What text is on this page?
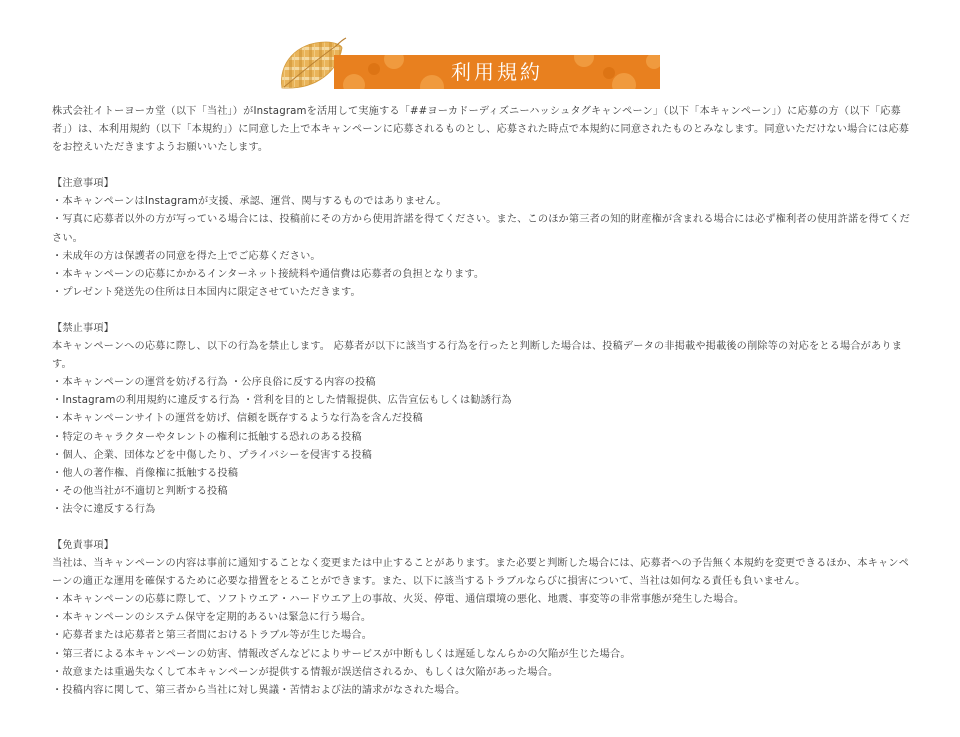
利用規約

株式会社イトーヨーカ堂（以下「当社」）がInstagramを活用して実施する「##ヨーカドーディズニーハッシュタグキャンペーン」（以下「本キャンペーン」）に応募の方（以下「応募者」）は、本利用規約（以下「本規約」）に同意した上で本キャンペーンに応募されるものとし、応募された時点で本規約に同意されたものとみなします。同意いただけない場合には応募をお控えいただきますようお願いいたします。

【注意事項】

・本キャンペーンはInstagramが支援、承認、運営、関与するものではありません。

・写真に応募者以外の方が写っている場合には、投稿前にその方から使用許諾を得てください。また、このほか第三者の知的財産権が含まれる場合には必ず権利者の使用許諾を得てください。

・未成年の方は保護者の同意を得た上でご応募ください。

・本キャンペーンの応募にかかるインターネット接続料や通信費は応募者の負担となります。

・プレゼント発送先の住所は日本国内に限定させていただきます。

【禁止事項】

本キャンペーンへの応募に際し、以下の行為を禁止します。 応募者が以下に該当する行為を行ったと判断した場合は、投稿データの非掲載や掲載後の削除等の対応をとる場合があります。

・本キャンペーンの運営を妨げる行為 ・公序良俗に反する内容の投稿

・Instagramの利用規約に違反する行為 ・営利を目的とした情報提供、広告宣伝もしくは勧誘行為

・本キャンペーンサイトの運営を妨げ、信頼を既存するような行為を含んだ投稿

・特定のキャラクターやタレントの権利に抵触する恐れのある投稿

・個人、企業、団体などを中傷したり、プライバシーを侵害する投稿

・他人の著作権、肖像権に抵触する投稿

・その他当社が不適切と判断する投稿

・法令に違反する行為

【免責事項】

当社は、当キャンペーンの内容は事前に通知することなく変更または中止することがあります。また必要と判断した場合には、応募者への予告無く本規約を変更できるほか、本キャンペーンの適正な運用を確保するために必要な措置をとることができます。また、以下に該当するトラブルならびに損害について、当社は如何なる責任も負いません。

・本キャンペーンの応募に際して、ソフトウエア・ハードウエア上の事故、火災、停電、通信環境の悪化、地震、事変等の非常事態が発生した場合。

・本キャンペーンのシステム保守を定期的あるいは緊急に行う場合。

・応募者または応募者と第三者間におけるトラブル等が生じた場合。

・第三者による本キャンペーンの妨害、情報改ざんなどによりサービスが中断もしくは遅延しなんらかの欠陥が生じた場合。

・故意または重過失なくして本キャンペーンが提供する情報が誤送信されるか、もしくは欠陥があった場合。

・投稿内容に関して、第三者から当社に対し異議・苦情および法的請求がなされた場合。
